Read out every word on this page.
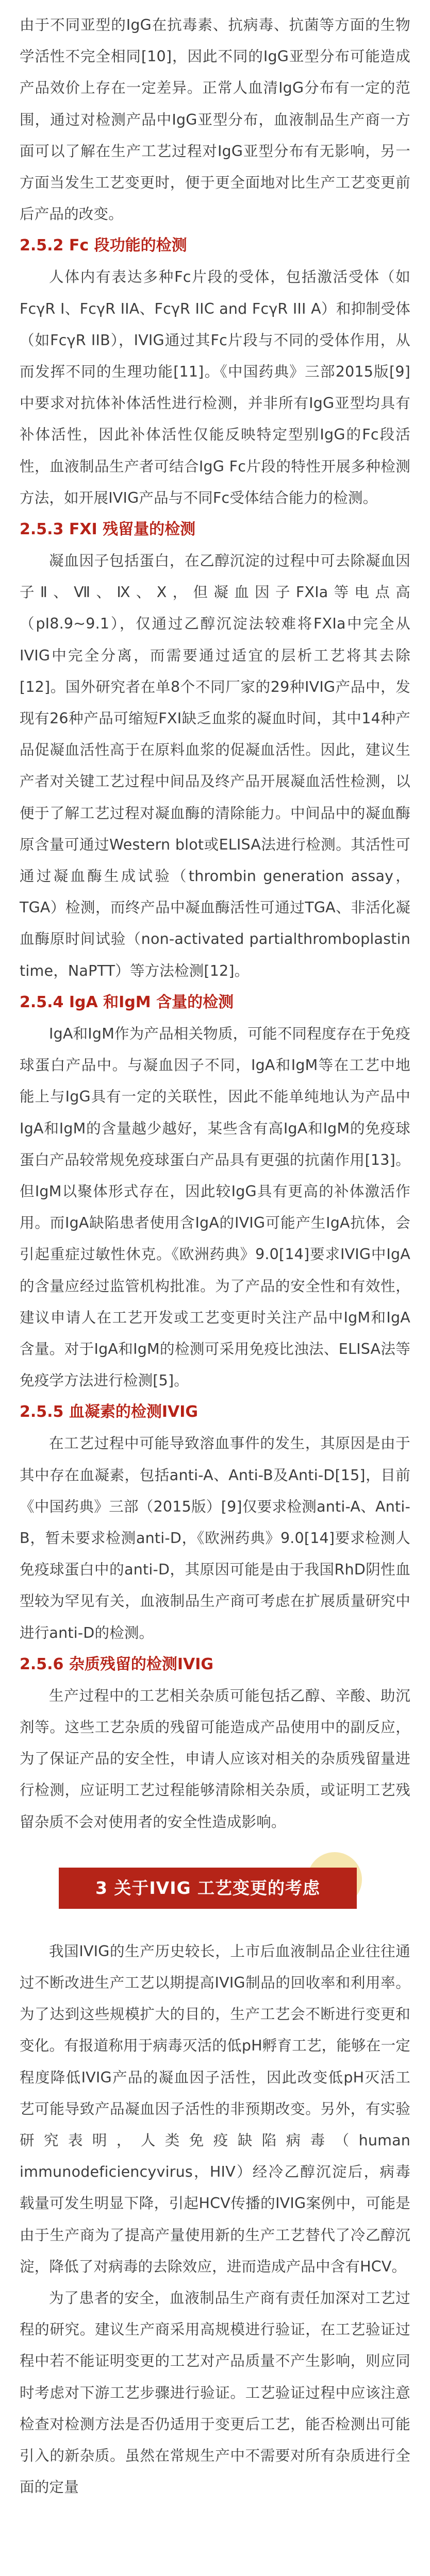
由于不同亚型的IgG在抗毒素、抗病毒、抗菌等方面的生物学活性不完全相同[10]，因此不同的IgG亚型分布可能造成产品效价上存在一定差异。正常人血清IgG分布有一定的范围，通过对检测产品中IgG亚型分布，血液制品生产商一方面可以了解在生产工艺过程对IgG亚型分布有无影响，另一方面当发生工艺变更时，便于更全面地对比生产工艺变更前后产品的改变。

2.5.2 Fc 段功能的检测

人体内有表达多种Fc片段的受体，包括激活受体（如FcγR I、FcγR IIA、FcγR IIC and FcγR III A）和抑制受体（如FcγR IIB），IVIG通过其Fc片段与不同的受体作用，从而发挥不同的生理功能[11]。《中国药典》三部2015版[9]中要求对抗体补体活性进行检测，并非所有IgG亚型均具有补体活性，因此补体活性仅能反映特定型别IgG的Fc段活性，血液制品生产者可结合IgG Fc片段的特性开展多种检测方法，如开展IVIG产品与不同Fc受体结合能力的检测。

2.5.3 FXI 残留量的检测

凝血因子包括蛋白，在乙醇沉淀的过程中可去除凝血因子Ⅱ、Ⅶ、Ⅸ、Ⅹ，但凝血因子FXIa等电点高（pI8.9~9.1），仅通过乙醇沉淀法较难将FXIa中完全从IVIG中完全分离，而需要通过适宜的层析工艺将其去除[12]。国外研究者在单8个不同厂家的29种IVIG产品中，发现有26种产品可缩短FXI缺乏血浆的凝血时间，其中14种产品促凝血活性高于在原料血浆的促凝血活性。因此，建议生产者对关键工艺过程中间品及终产品开展凝血活性检测，以便于了解工艺过程对凝血酶的清除能力。中间品中的凝血酶原含量可通过Western blot或ELISA法进行检测。其活性可通过凝血酶生成试验（thrombin generation assay，TGA）检测，而终产品中凝血酶活性可通过TGA、非活化凝血酶原时间试验（non-activated partialthromboplastin time，NaPTT）等方法检测[12]。

2.5.4 IgA 和IgM 含量的检测

IgA和IgM作为产品相关物质，可能不同程度存在于免疫球蛋白产品中。与凝血因子不同，IgA和IgM等在工艺中地能上与IgG具有一定的关联性，因此不能单纯地认为产品中IgA和IgM的含量越少越好，某些含有高IgA和IgM的免疫球蛋白产品较常规免疫球蛋白产品具有更强的抗菌作用[13]。但IgM以聚体形式存在，因此较IgG具有更高的补体激活作用。而IgA缺陷患者使用含IgA的IVIG可能产生IgA抗体，会引起重症过敏性休克。《欧洲药典》9.0[14]要求IVIG中IgA的含量应经过监管机构批准。为了产品的安全性和有效性，建议申请人在工艺开发或工艺变更时关注产品中IgM和IgA含量。对于IgA和IgM的检测可采用免疫比浊法、ELISA法等免疫学方法进行检测[5]。

2.5.5 血凝素的检测IVIG

在工艺过程中可能导致溶血事件的发生，其原因是由于其中存在血凝素，包括anti-A、Anti-B及Anti-D[15]，目前《中国药典》三部（2015版）[9]仅要求检测anti-A、Anti-B，暂未要求检测anti-D，《欧洲药典》9.0[14]要求检测人免疫球蛋白中的anti-D，其原因可能是由于我国RhD阴性血型较为罕见有关，血液制品生产商可考虑在扩展质量研究中进行anti-D的检测。

2.5.6 杂质残留的检测IVIG

生产过程中的工艺相关杂质可能包括乙醇、辛酸、助沉剂等。这些工艺杂质的残留可能造成产品使用中的副反应，为了保证产品的安全性，申请人应该对相关的杂质残留量进行检测，应证明工艺过程能够清除相关杂质，或证明工艺残留杂质不会对使用者的安全性造成影响。

3 关于IVIG 工艺变更的考虑

我国IVIG的生产历史较长，上市后血液制品企业往往通过不断改进生产工艺以期提高IVIG制品的回收率和利用率。为了达到这些规模扩大的目的，生产工艺会不断进行变更和变化。有报道称用于病毒灭活的低pH孵育工艺，能够在一定程度降低IVIG产品的凝血因子活性，因此改变低pH灭活工艺可能导致产品凝血因子活性的非预期改变。另外，有实验研究表明，人类免疫缺陷病毒（human immunodeficiencyvirus，HIV）经冷乙醇沉淀后，病毒载量可发生明显下降，引起HCV传播的IVIG案例中，可能是由于生产商为了提高产量使用新的生产工艺替代了冷乙醇沉淀，降低了对病毒的去除效应，进而造成产品中含有HCV。

为了患者的安全，血液制品生产商有责任加深对工艺过程的研究。建议生产商采用高规模进行验证，在工艺验证过程中若不能证明变更的工艺对产品质量不产生影响，则应同时考虑对下游工艺步骤进行验证。工艺验证过程中应该注意检查对检测方法是否仍适用于变更后工艺，能否检测出可能引入的新杂质。虽然在常规生产中不需要对所有杂质进行全面的定量
